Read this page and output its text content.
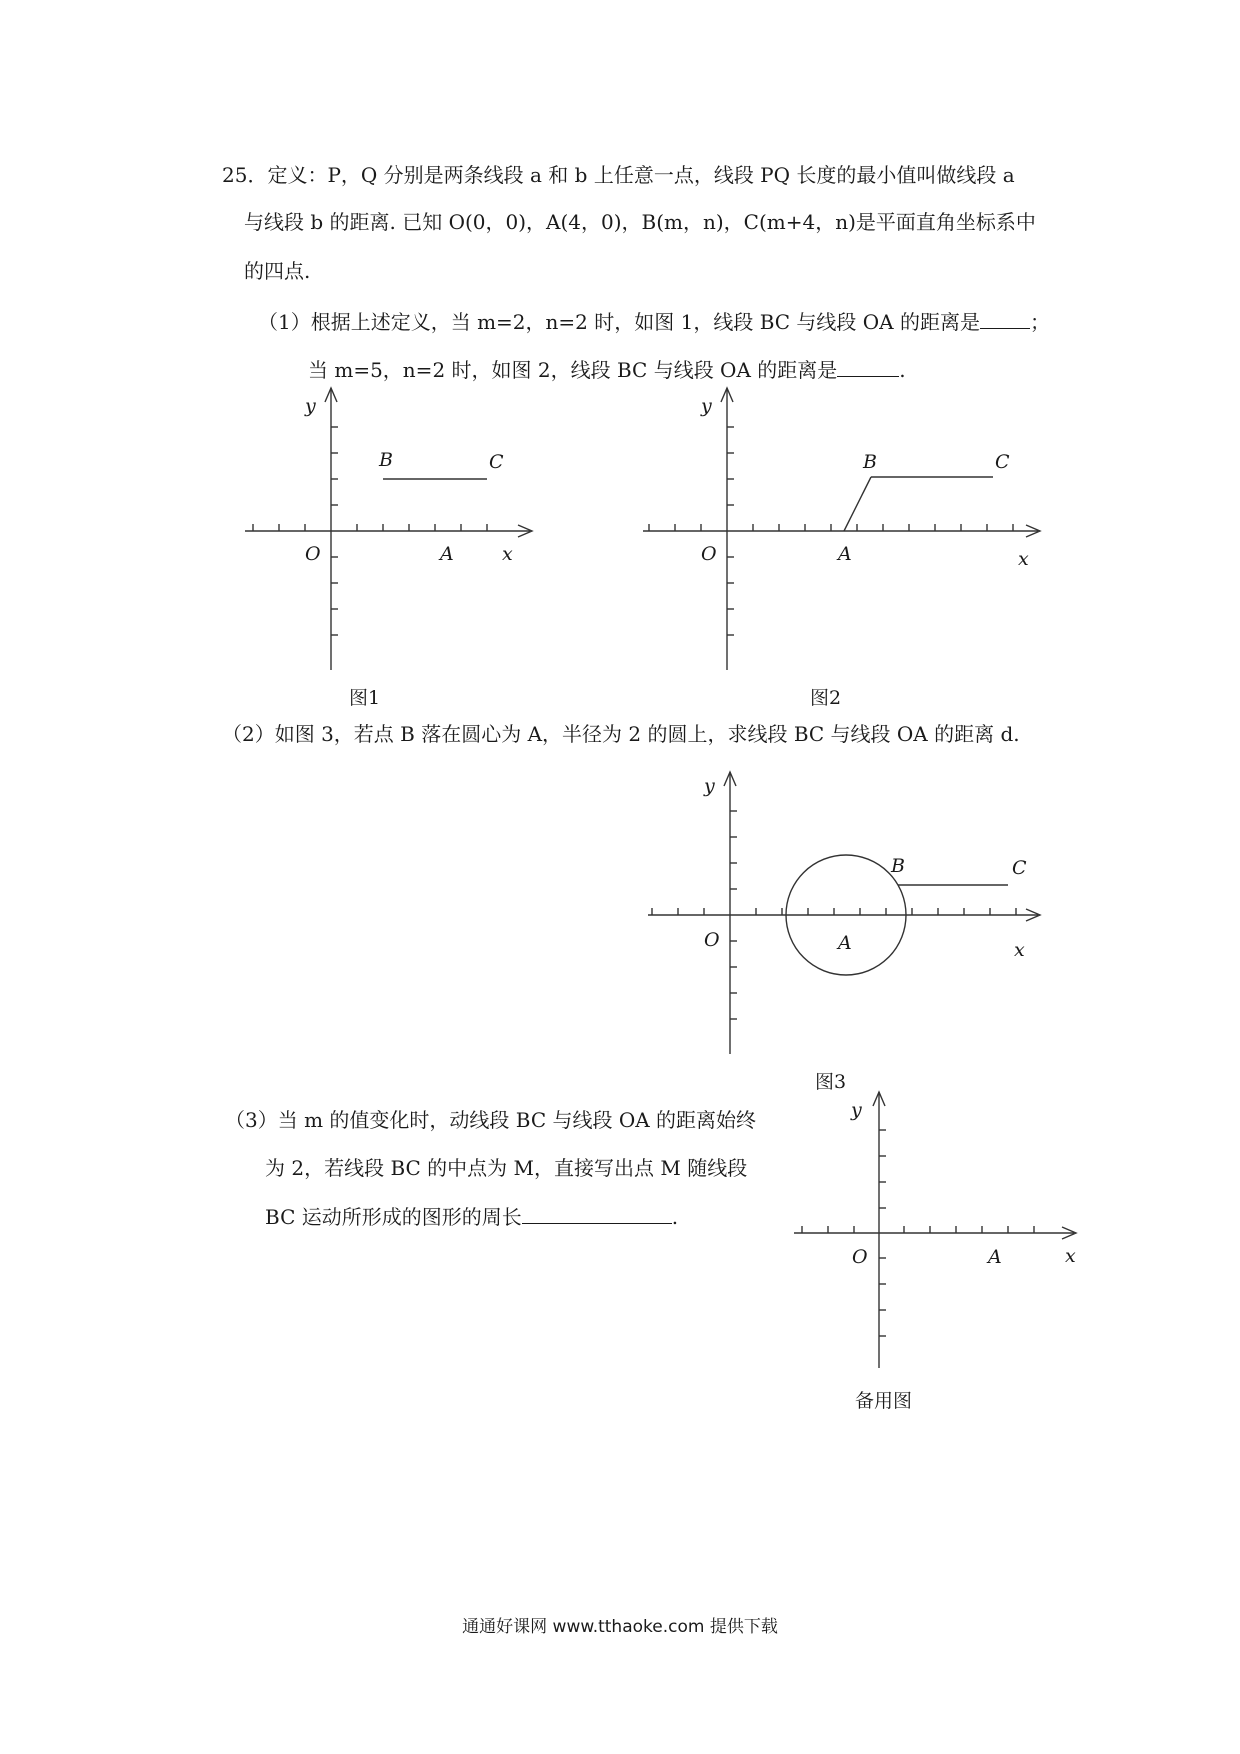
25．定义：P，Q 分别是两条线段 a 和 b 上任意一点，线段 PQ 长度的最小值叫做线段 a
与线段 b 的距离. 已知 O(0，0)，A(4，0)，B(m，n)，C(m+4，n)是平面直角坐标系中
的四点.
（1）根据上述定义，当 m=2，n=2 时，如图 1，线段 BC 与线段 OA 的距离是	；
当 m=5，n=2 时，如图 2，线段 BC 与线段 OA 的距离是	.
y
x
O	A
B	C
图1
y
x
O	A
B	C
图2
（2）如图 3，若点 B 落在圆心为 A，半径为 2 的圆上，求线段 BC 与线段 OA 的距离 d.
y
x
O	A
B	C
图3
（3）当 m 的值变化时，动线段 BC 与线段 OA 的距离始终
为 2，若线段 BC 的中点为 M，直接写出点 M 随线段
BC 运动所形成的图形的周长	.
y
x
O	A
备用图
通通好课网 www.tthaoke.com 提供下载
